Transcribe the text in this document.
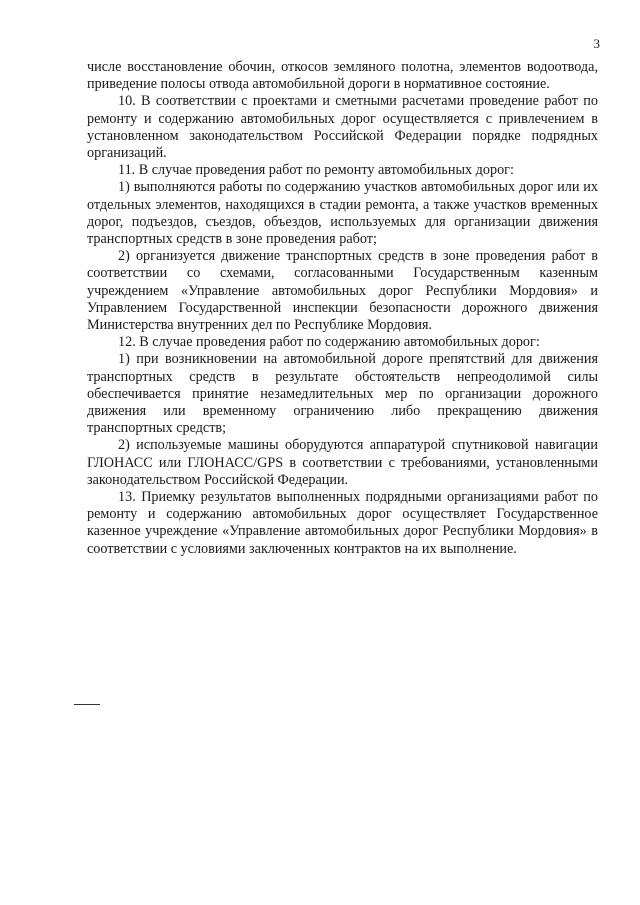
3

числе восстановление обочин, откосов земляного полотна, элементов водоотвода, приведение полосы отвода автомобильной дороги в нормативное состояние.

10. В соответствии с проектами и сметными расчетами проведение работ по ремонту и содержанию автомобильных дорог осуществляется с привлечением в установленном законодательством Российской Федерации порядке подрядных организаций.

11. В случае проведения работ по ремонту автомобильных дорог:

1) выполняются работы по содержанию участков автомобильных дорог или их отдельных элементов, находящихся в стадии ремонта, а также участков временных дорог, подъездов, съездов, объездов, используемых для организации движения транспортных средств в зоне проведения работ;

2) организуется движение транспортных средств в зоне проведения работ в соответствии со схемами, согласованными Государственным казенным учреждением «Управление автомобильных дорог Республики Мордовия» и Управлением Государственной инспекции безопасности дорожного движения Министерства внутренних дел по Республике Мордовия.

12. В случае проведения работ по содержанию автомобильных дорог:

1) при возникновении на автомобильной дороге препятствий для движения транспортных средств в результате обстоятельств непреодолимой силы обеспечивается принятие незамедлительных мер по организации дорожного движения или временному ограничению либо прекращению движения транспортных средств;

2) используемые машины оборудуются аппаратурой спутниковой навигации ГЛОНАСС или ГЛОНАСС/GPS в соответствии с требованиями, установленными законодательством Российской Федерации.

13. Приемку результатов выполненных подрядными организациями работ по ремонту и содержанию автомобильных дорог осуществляет Государственное казенное учреждение «Управление автомобильных дорог Республики Мордовия» в соответствии с условиями заключенных контрактов на их выполнение.
